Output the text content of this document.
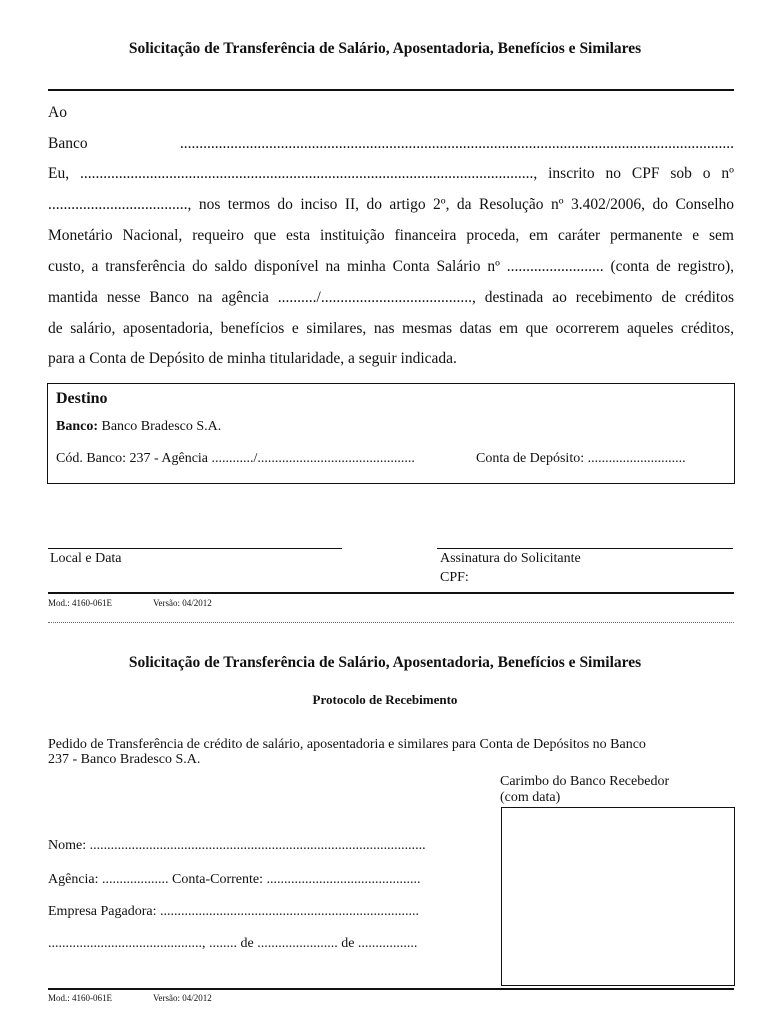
Solicitação de Transferência de Salário, Aposentadoria, Benefícios e Similares
Ao
Banco ...............................................................................................................................................
Eu, ....................................................................................................................., inscrito no CPF sob o nº
...................................., nos termos do inciso II, do artigo 2º, da Resolução nº 3.402/2006, do Conselho
Monetário Nacional, requeiro que esta instituição financeira proceda, em caráter permanente e sem
custo, a transferência do saldo disponível na minha Conta Salário nº ......................... (conta de registro),
mantida nesse Banco na agência ........../......................................., destinada ao recebimento de créditos
de salário, aposentadoria, benefícios e similares, nas mesmas datas em que ocorrerem aqueles créditos,
para a Conta de Depósito de minha titularidade, a seguir indicada.
Destino
Banco: Banco Bradesco S.A.
Cód. Banco: 237 - Agência ............/.............................................	Conta de Depósito: ............................
Local e Data	Assinatura do Solicitante
CPF:
Mod.: 4160-061E	Versão: 04/2012
Solicitação de Transferência de Salário, Aposentadoria, Benefícios e Similares
Protocolo de Recebimento
Pedido de Transferência de crédito de salário, aposentadoria e similares para Conta de Depósitos no Banco
237 - Banco Bradesco S.A.
Carimbo do Banco Recebedor
(com data)
Nome: ................................................................................................
Agência: ................... Conta-Corrente: ............................................
Empresa Pagadora: ..........................................................................
............................................, ........ de ....................... de .................
Mod.: 4160-061E	Versão: 04/2012
